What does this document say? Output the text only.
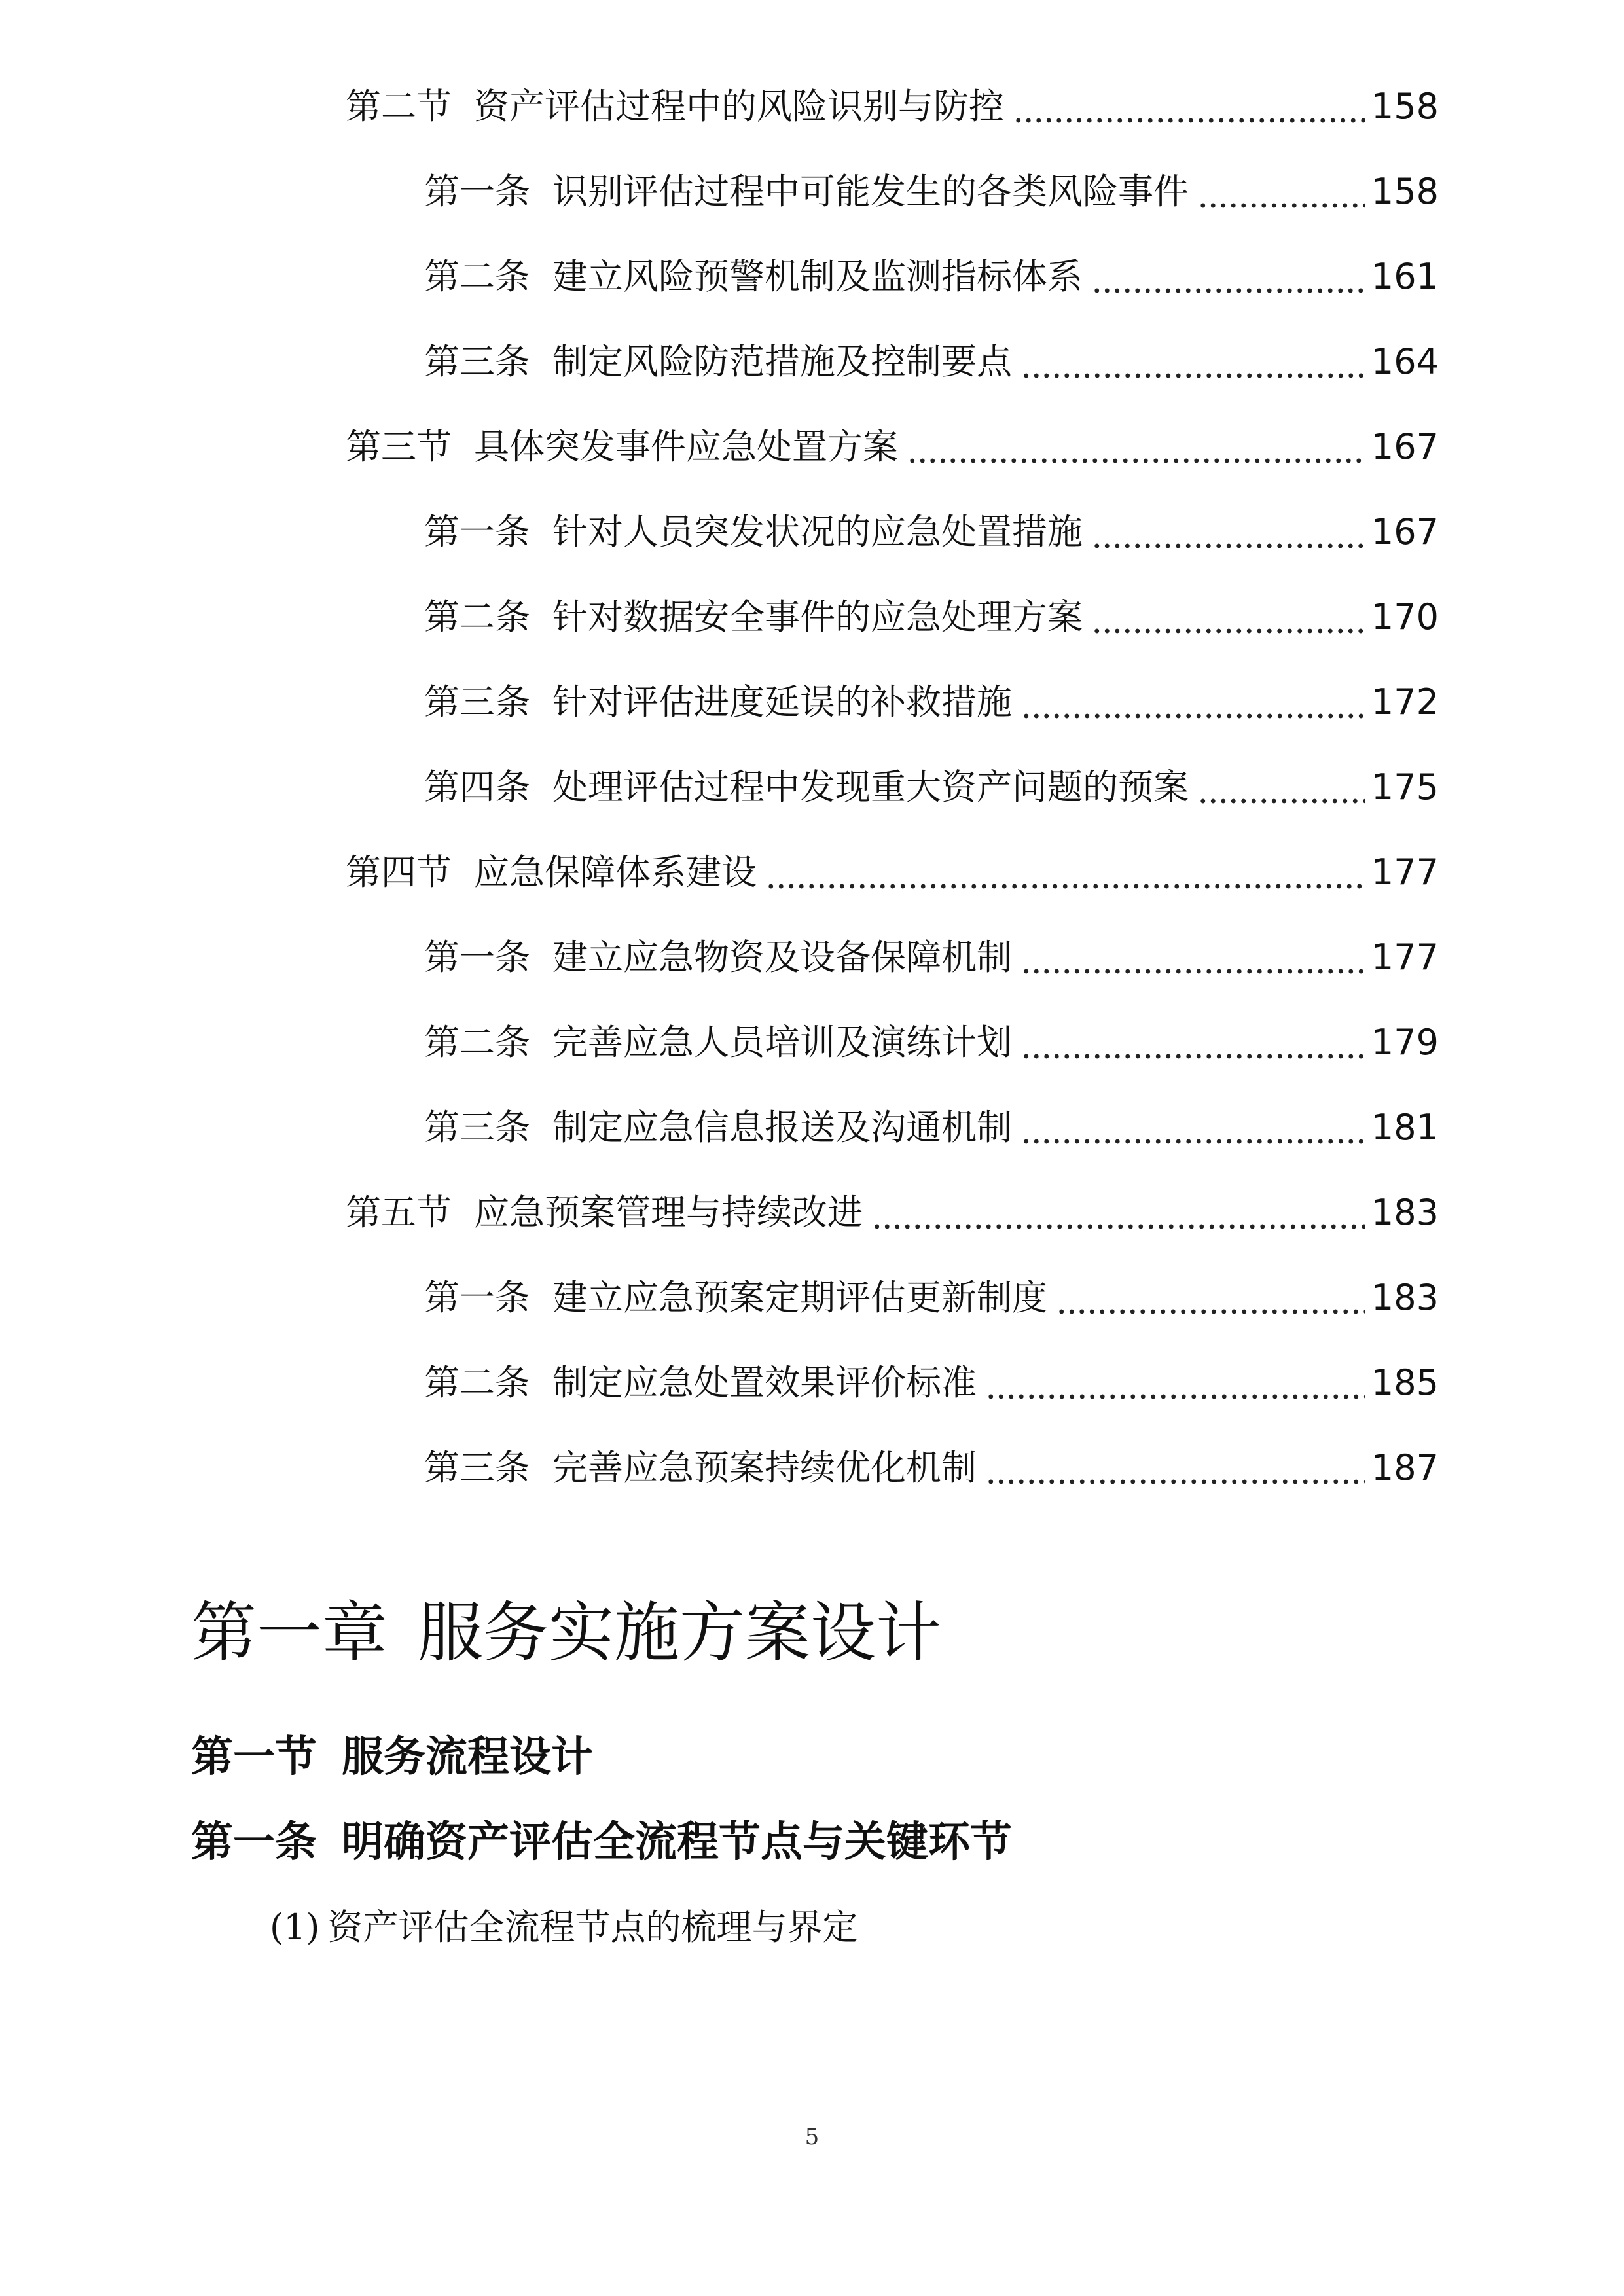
第二节 资产评估过程中的风险识别与防控	158
第一条 识别评估过程中可能发生的各类风险事件	158
第二条 建立风险预警机制及监测指标体系	161
第三条 制定风险防范措施及控制要点	164
第三节 具体突发事件应急处置方案	167
第一条 针对人员突发状况的应急处置措施	167
第二条 针对数据安全事件的应急处理方案	170
第三条 针对评估进度延误的补救措施	172
第四条 处理评估过程中发现重大资产问题的预案	175
第四节 应急保障体系建设	177
第一条 建立应急物资及设备保障机制	177
第二条 完善应急人员培训及演练计划	179
第三条 制定应急信息报送及沟通机制	181
第五节 应急预案管理与持续改进	183
第一条 建立应急预案定期评估更新制度	183
第二条 制定应急处置效果评价标准	185
第三条 完善应急预案持续优化机制	187
第一章 服务实施方案设计
第一节 服务流程设计
第一条 明确资产评估全流程节点与关键环节
(1) 资产评估全流程节点的梳理与界定
5
